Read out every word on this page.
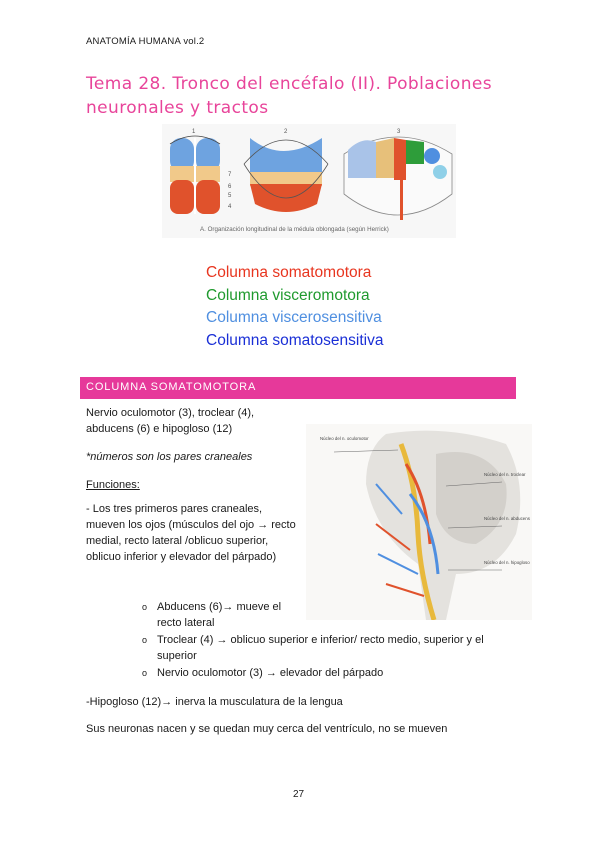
ANATOMÍA HUMANA vol.2
Tema 28. Tronco del encéfalo (II). Poblaciones neuronales y tractos
1	2	3
7
6
5
4
A. Organización longitudinal de la médula oblongada (según Herrick)
Columna somatomotora
Columna visceromotora
Columna viscerosensitiva
Columna somatosensitiva
COLUMNA SOMATOMOTORA
Nervio oculomotor (3), troclear (4), abducens (6) e hipogloso (12)
*números son los pares craneales
Funciones:
- Los tres primeros pares craneales, mueven los ojos (músculos del ojo → recto medial, recto lateral /oblicuo superior, oblicuo inferior y elevador del párpado)
o Abducens (6)→ mueve el recto lateral
o Troclear (4) → oblicuo superior e inferior/ recto medio, superior y el superior
o Nervio oculomotor (3) → elevador del párpado
-Hipogloso (12)→ inerva la musculatura de la lengua
Sus neuronas nacen y se quedan muy cerca del ventrículo, no se mueven
Núcleo del n. oculomotor
Núcleo del n. troclear
Núcleo del n. abducens
Núcleo del n. hipogloso
27
